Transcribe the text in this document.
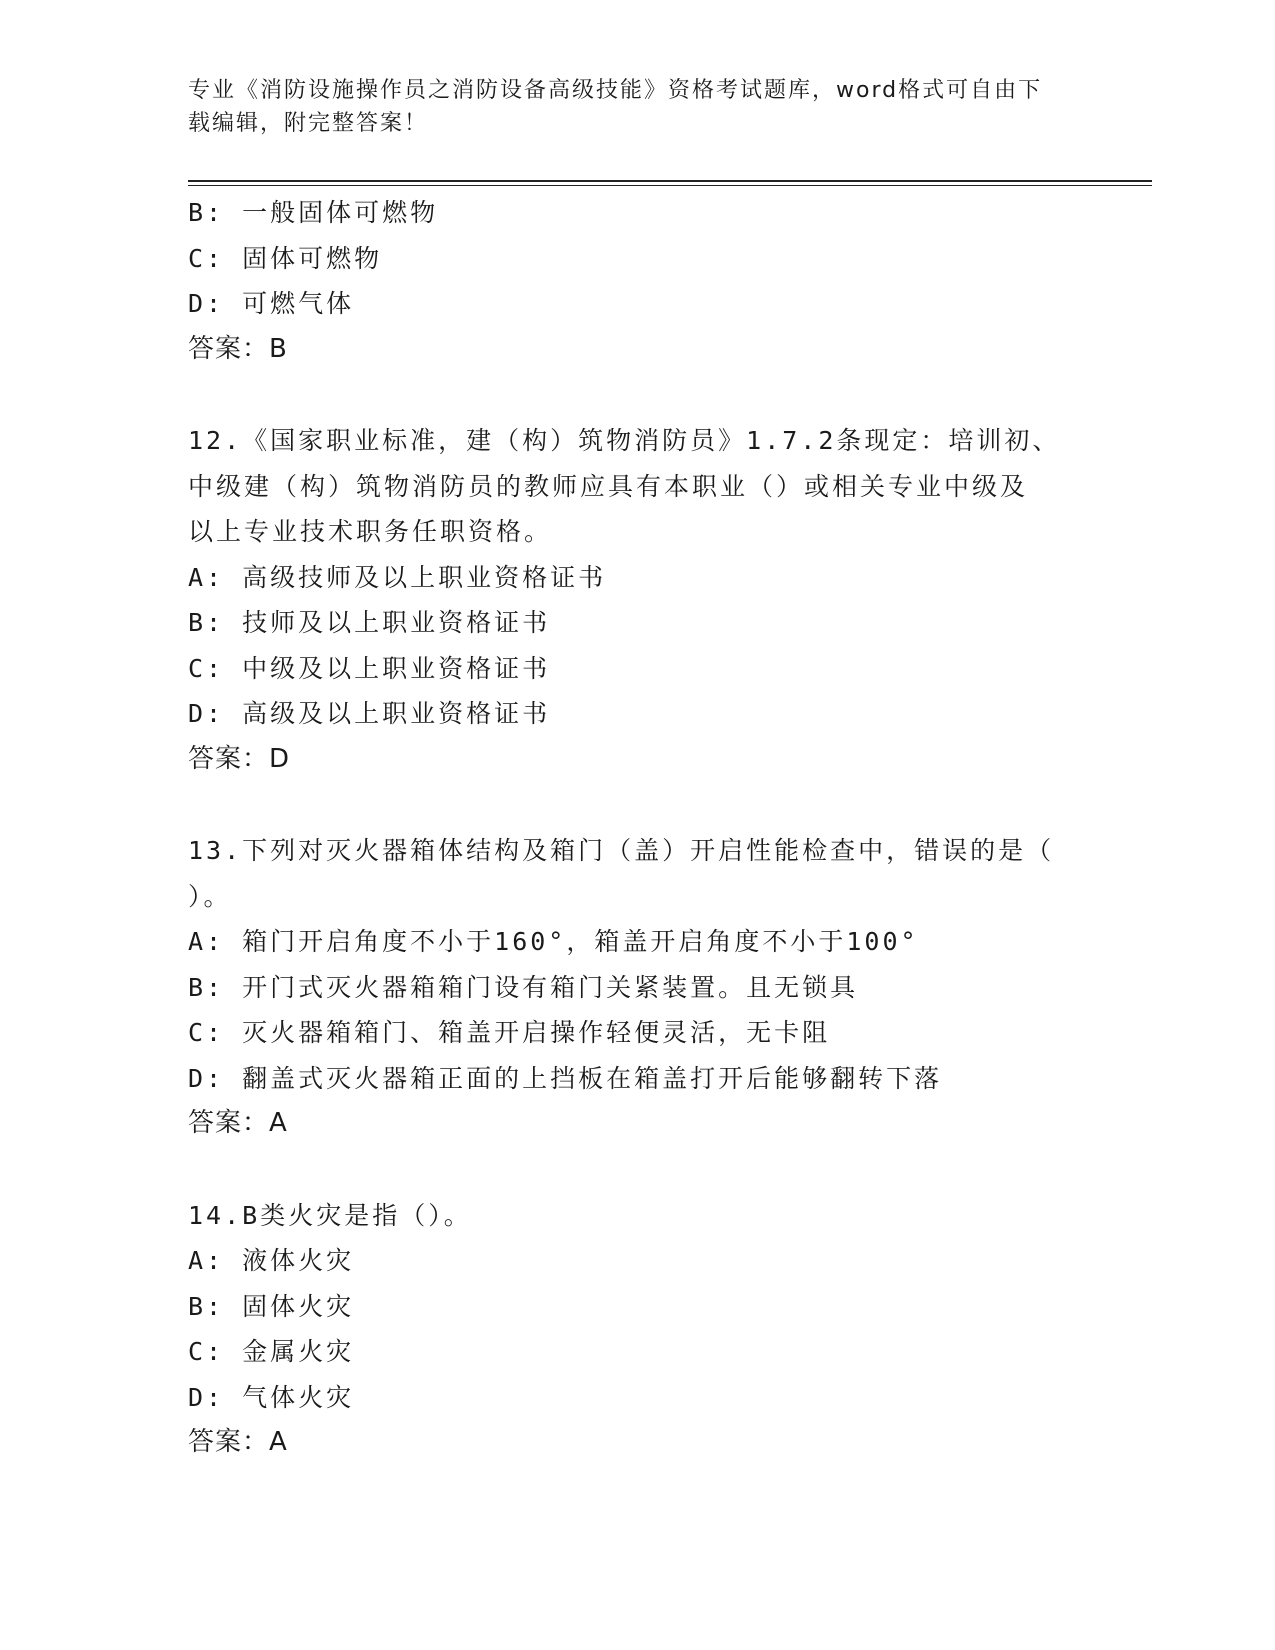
专业《消防设施操作员之消防设备高级技能》资格考试题库，word格式可自由下
载编辑，附完整答案！
B: 一般固体可燃物
C: 固体可燃物
D: 可燃气体
答案：B
12.《国家职业标准，建（构）筑物消防员》1.7.2条现定：培训初、
中级建（构）筑物消防员的教师应具有本职业（）或相关专业中级及
以上专业技术职务任职资格。
A: 高级技师及以上职业资格证书
B: 技师及以上职业资格证书
C: 中级及以上职业资格证书
D: 高级及以上职业资格证书
答案：D
13.下列对灭火器箱体结构及箱门（盖）开启性能检查中，错误的是（
）。
A: 箱门开启角度不小于160°，箱盖开启角度不小于100°
B: 开门式灭火器箱箱门设有箱门关紧装置。且无锁具
C: 灭火器箱箱门、箱盖开启操作轻便灵活，无卡阻
D: 翻盖式灭火器箱正面的上挡板在箱盖打开后能够翻转下落
答案：A
14.B类火灾是指（）。
A: 液体火灾
B: 固体火灾
C: 金属火灾
D: 气体火灾
答案：A
